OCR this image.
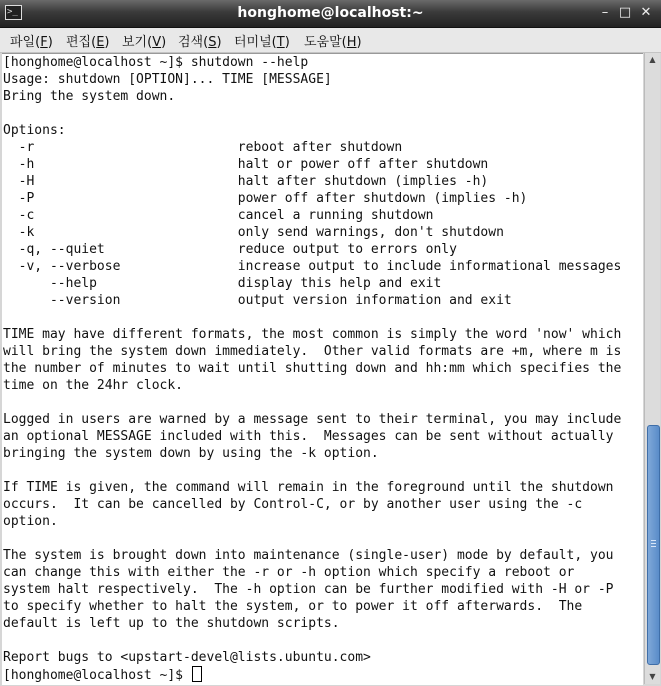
>_	honghome@localhost:~	– □ ✕
파일(F) 편집(E) 보기(V) 검색(S) 터미널(T) 도움말(H)
[honghome@localhost ~]$ shutdown --help
Usage: shutdown [OPTION]... TIME [MESSAGE]
Bring the system down.

Options:
-r                          reboot after shutdown
-h                          halt or power off after shutdown
-H                          halt after shutdown (implies -h)
-P                          power off after shutdown (implies -h)
-c                          cancel a running shutdown
-k                          only send warnings, don't shutdown
-q, --quiet                 reduce output to errors only
-v, --verbose               increase output to include informational messages
--help                  display this help and exit
--version               output version information and exit

TIME may have different formats, the most common is simply the word 'now' which
will bring the system down immediately.  Other valid formats are +m, where m is
the number of minutes to wait until shutting down and hh:mm which specifies the
time on the 24hr clock.

Logged in users are warned by a message sent to their terminal, you may include
an optional MESSAGE included with this.  Messages can be sent without actually
bringing the system down by using the -k option.

If TIME is given, the command will remain in the foreground until the shutdown
occurs.  It can be cancelled by Control-C, or by another user using the -c
option.

The system is brought down into maintenance (single-user) mode by default, you
can change this with either the -r or -h option which specify a reboot or
system halt respectively.  The -h option can be further modified with -H or -P
to specify whether to halt the system, or to power it off afterwards.  The
default is left up to the shutdown scripts.

Report bugs to <upstart-devel@lists.ubuntu.com>
[honghome@localhost ~]$
▲
▼
